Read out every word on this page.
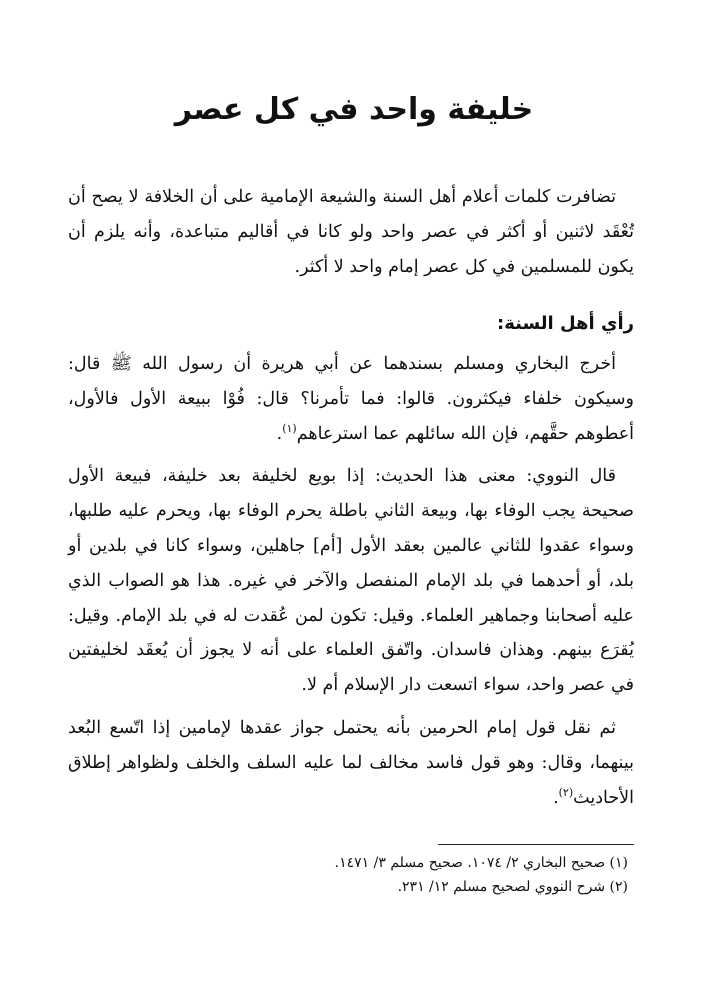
خليفة واحد في كل عصر

تضافرت كلمات أعلام أهل السنة والشيعة الإمامية على أن الخلافة لا يصح أن تُعْقَد لاثنين أو أكثر في عصر واحد ولو كانا في أقاليم متباعدة، وأنه يلزم أن يكون للمسلمين في كل عصر إمام واحد لا أكثر.

رأي أهل السنة:

أخرج البخاري ومسلم بسندهما عن أبي هريرة أن رسول الله ﷺ قال: وسيكون خلفاء فيكثرون. قالوا: فما تأمرنا؟ قال: فُوْا ببيعة الأول فالأول، أعطوهم حقَّهم، فإن الله سائلهم عما استرعاهم$^{(١)}$.

قال النووي: معنى هذا الحديث: إذا بويع لخليفة بعد خليفة، فبيعة الأول صحيحة يجب الوفاء بها، وبيعة الثاني باطلة يحرم الوفاء بها، ويحرم عليه طلبها، وسواء عقدوا للثاني عالمين بعقد الأول [أم] جاهلين، وسواء كانا في بلدين أو بلد، أو أحدهما في بلد الإمام المنفصل والآخر في غيره. هذا هو الصواب الذي عليه أصحابنا وجماهير العلماء. وقيل: تكون لمن عُقدت له في بلد الإمام. وقيل: يُقرَع بينهم. وهذان فاسدان. واتّفق العلماء على أنه لا يجوز أن يُعقَد لخليفتين في عصر واحد، سواء اتسعت دار الإسلام أم لا.

ثم نقل قول إمام الحرمين بأنه يحتمل جواز عقدها لإمامين إذا اتّسع البُعد بينهما، وقال: وهو قول فاسد مخالف لما عليه السلف والخلف ولظواهر إطلاق الأحاديث$^{(٢)}$.

(١) صحيح البخاري ٢/ ١٠٧٤. صحيح مسلم ٣/ ١٤٧١.

(٢) شرح النووي لصحيح مسلم ١٢/ ٢٣١.
